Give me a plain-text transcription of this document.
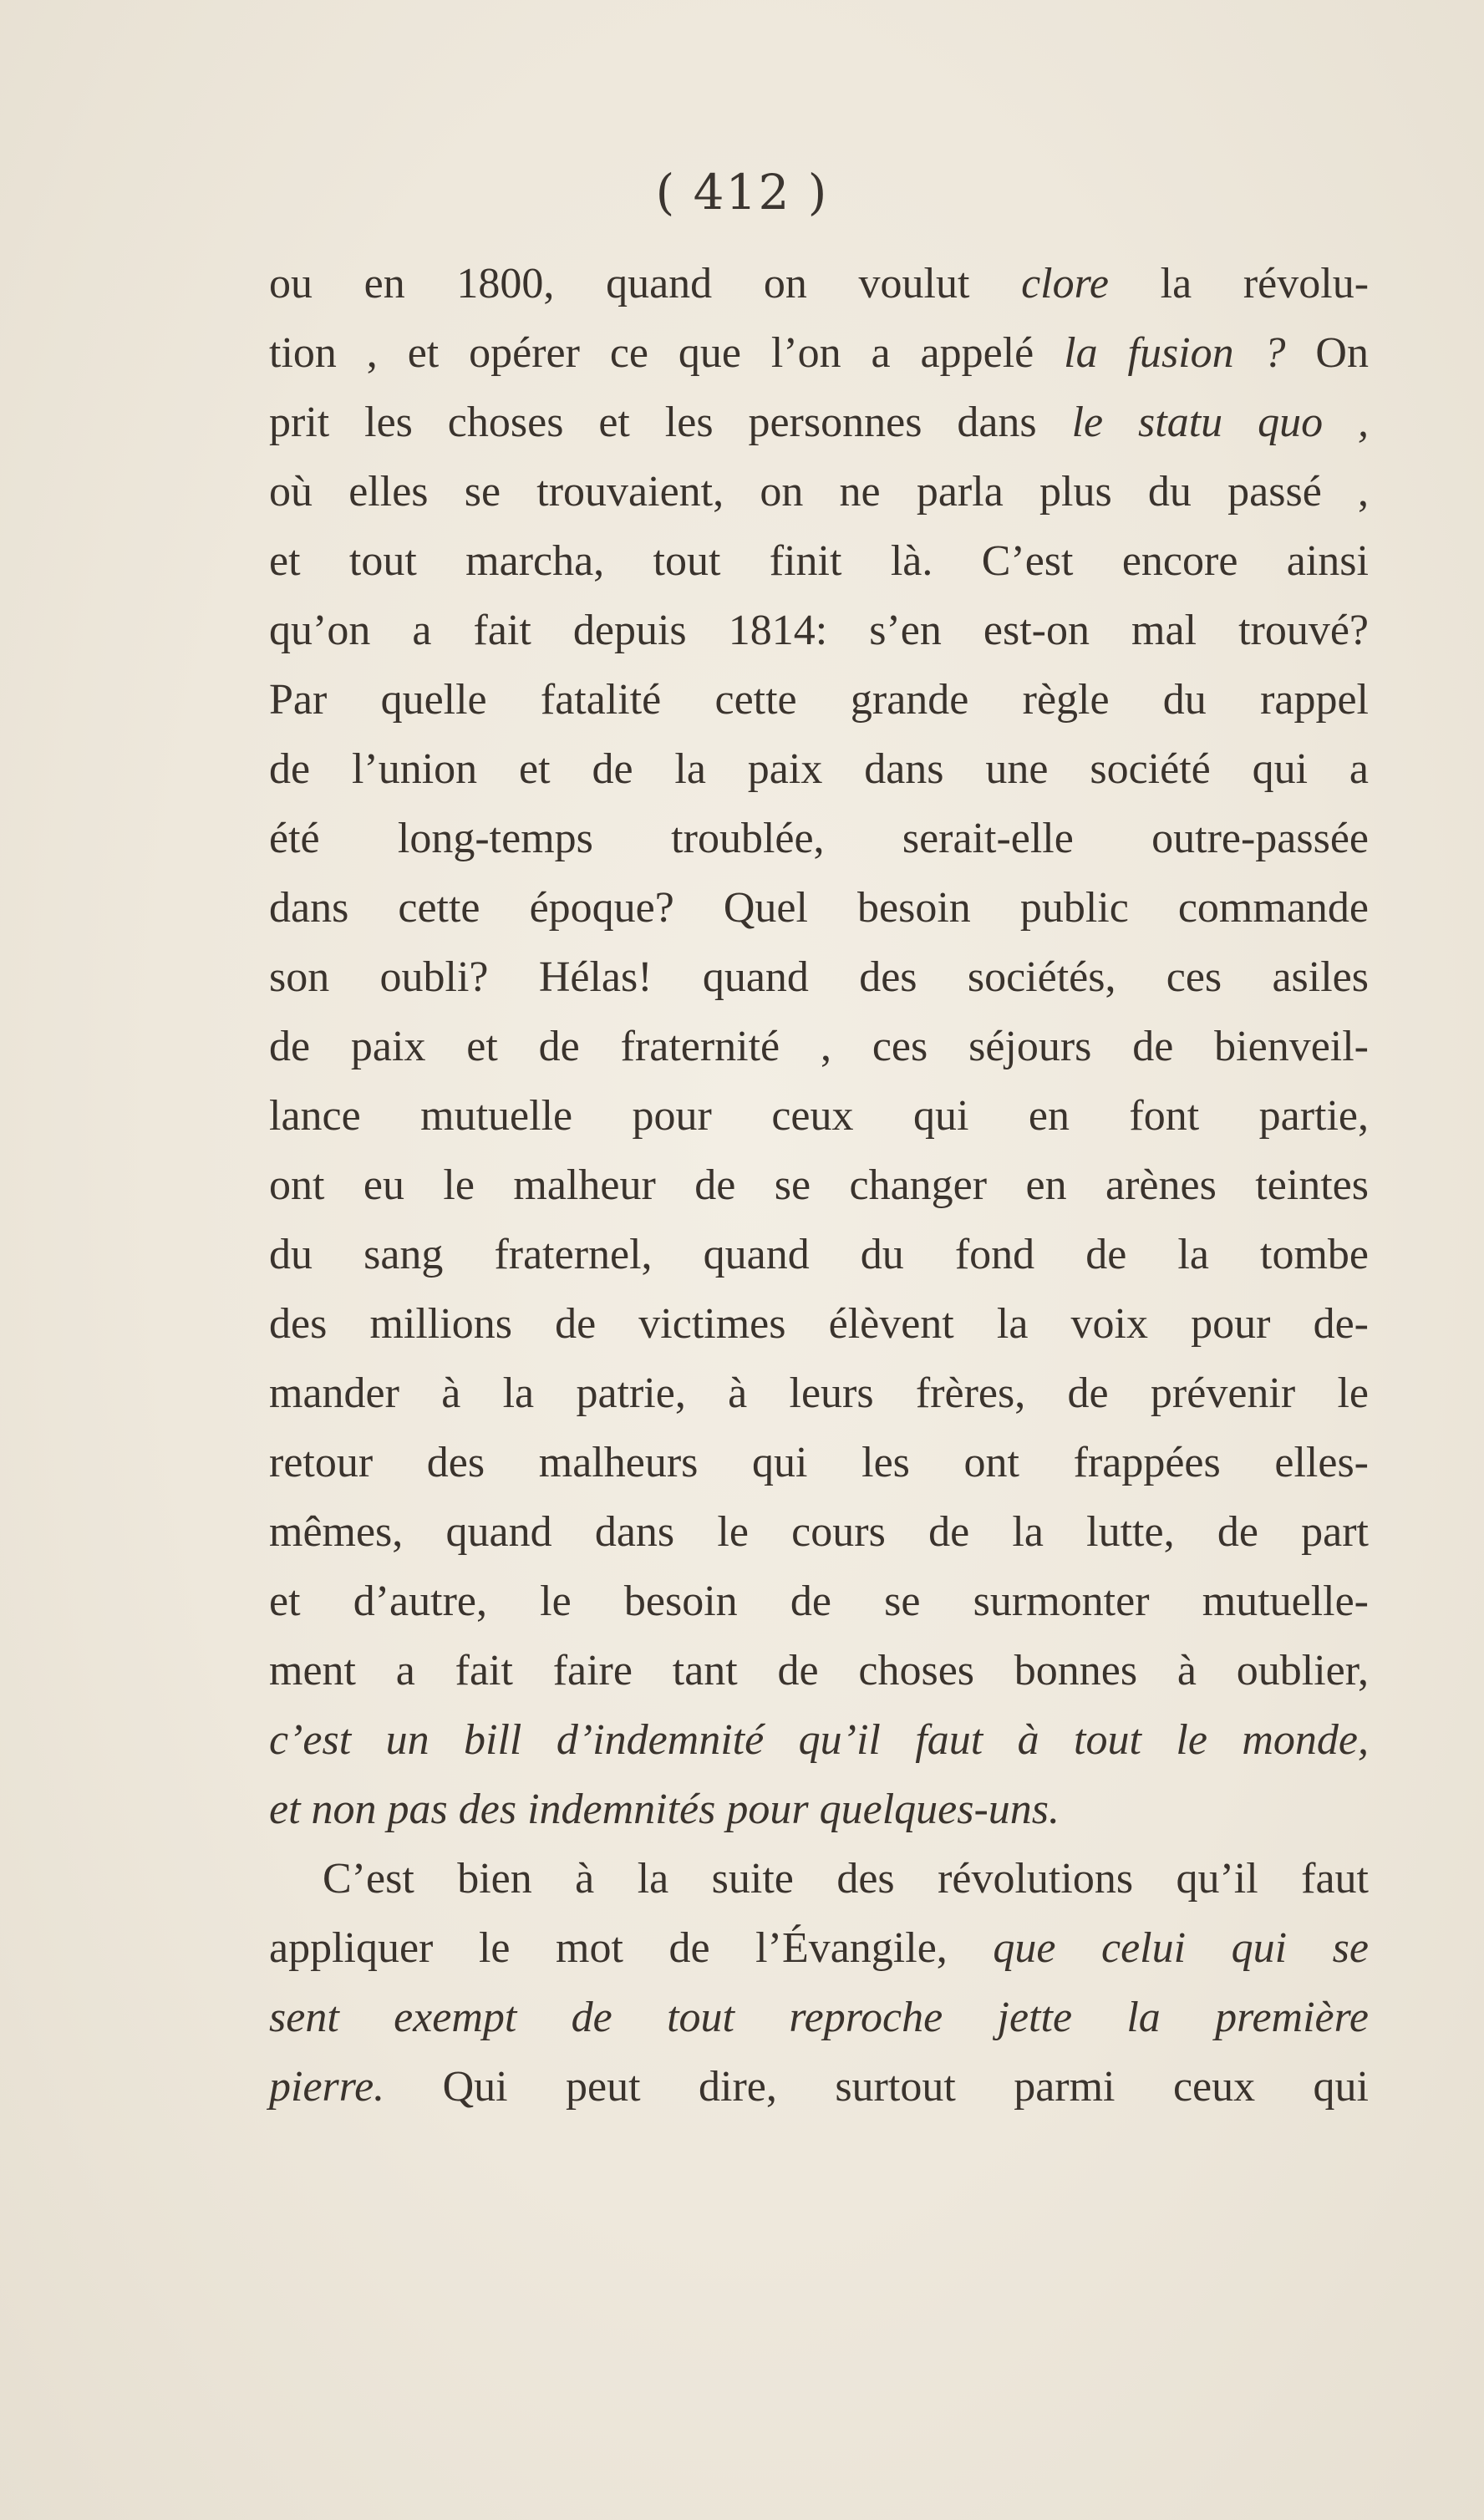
( 412 )
ou en 1800, quand on voulut clore la révolu-
tion , et opérer ce que l’on a appelé la fusion ? On
prit les choses et les personnes dans le statu quo ,
où elles se trouvaient, on ne parla plus du passé ,
et tout marcha, tout finit là. C’est encore ainsi
qu’on a fait depuis 1814: s’en est-on mal trouvé?
Par quelle fatalité cette grande règle du rappel
de l’union et de la paix dans une société qui a
été long-temps troublée, serait-elle outre-passée
dans cette époque? Quel besoin public commande
son oubli? Hélas! quand des sociétés, ces asiles
de paix et de fraternité , ces séjours de bienveil-
lance mutuelle pour ceux qui en font partie,
ont eu le malheur de se changer en arènes teintes
du sang fraternel, quand du fond de la tombe
des millions de victimes élèvent la voix pour de-
mander à la patrie, à leurs frères, de prévenir le
retour des malheurs qui les ont frappées elles-
mêmes, quand dans le cours de la lutte, de part
et d’autre, le besoin de se surmonter mutuelle-
ment a fait faire tant de choses bonnes à oublier,
c’est un bill d’indemnité qu’il faut à tout le monde,
et non pas des indemnités pour quelques-uns.
C’est bien à la suite des révolutions qu’il faut
appliquer le mot de l’Évangile, que celui qui se
sent exempt de tout reproche jette la première
pierre. Qui peut dire, surtout parmi ceux qui
